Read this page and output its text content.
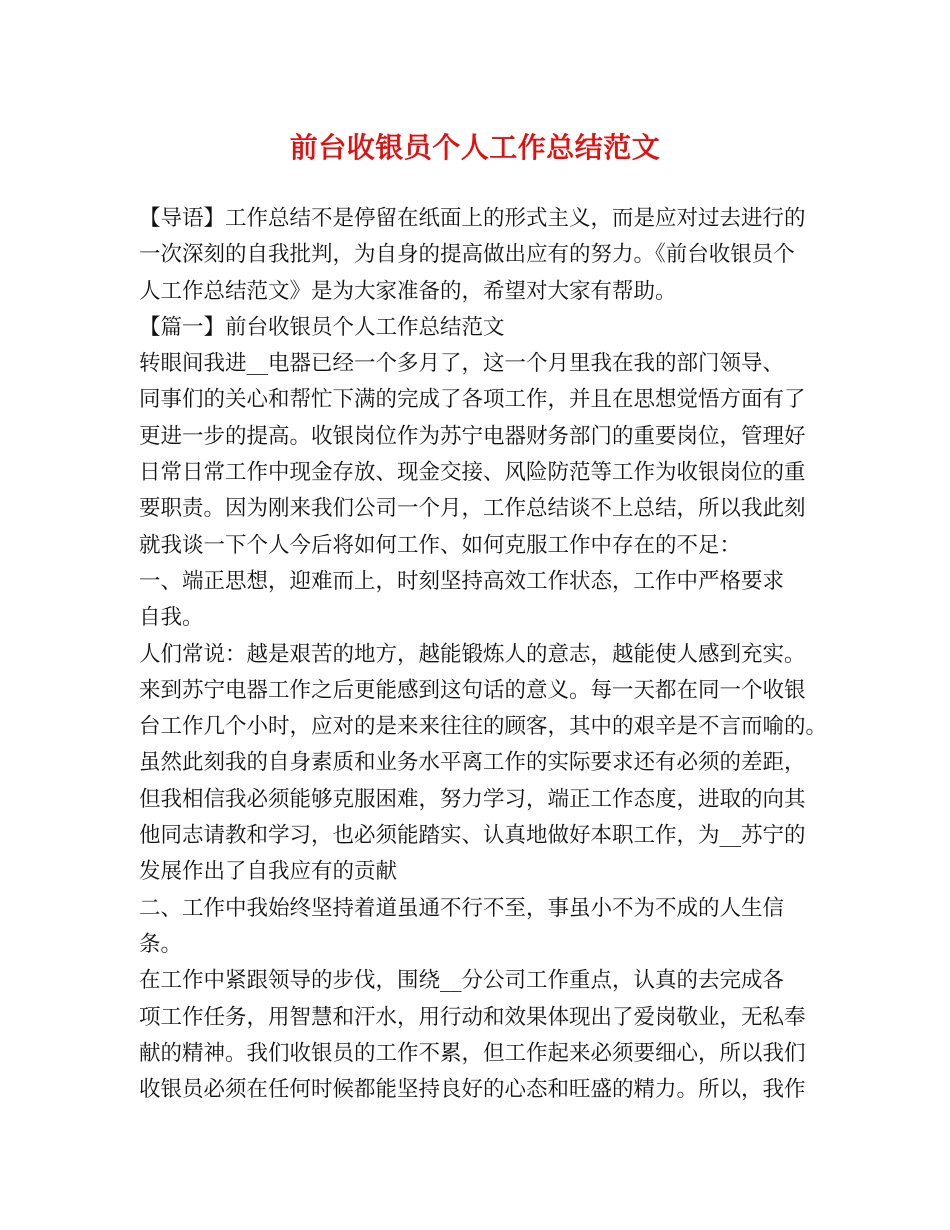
前台收银员个人工作总结范文
【导语】工作总结不是停留在纸面上的形式主义，而是应对过去进行的
一次深刻的自我批判，为自身的提高做出应有的努力。《前台收银员个
人工作总结范文》是为大家准备的，希望对大家有帮助。
【篇一】前台收银员个人工作总结范文
转眼间我进__电器已经一个多月了，这一个月里我在我的部门领导、
同事们的关心和帮忙下满的完成了各项工作，并且在思想觉悟方面有了
更进一步的提高。收银岗位作为苏宁电器财务部门的重要岗位，管理好
日常日常工作中现金存放、现金交接、风险防范等工作为收银岗位的重
要职责。因为刚来我们公司一个月，工作总结谈不上总结，所以我此刻
就我谈一下个人今后将如何工作、如何克服工作中存在的不足：
一、端正思想，迎难而上，时刻坚持高效工作状态，工作中严格要求
自我。
人们常说：越是艰苦的地方，越能锻炼人的意志，越能使人感到充实。
来到苏宁电器工作之后更能感到这句话的意义。每一天都在同一个收银
台工作几个小时，应对的是来来往往的顾客，其中的艰辛是不言而喻的。
虽然此刻我的自身素质和业务水平离工作的实际要求还有必须的差距，
但我相信我必须能够克服困难，努力学习，端正工作态度，进取的向其
他同志请教和学习，也必须能踏实、认真地做好本职工作，为__苏宁的
发展作出了自我应有的贡献
二、工作中我始终坚持着道虽通不行不至，事虽小不为不成的人生信
条。
在工作中紧跟领导的步伐，围绕__分公司工作重点，认真的去完成各
项工作任务，用智慧和汗水，用行动和效果体现出了爱岗敬业，无私奉
献的精神。我们收银员的工作不累，但工作起来必须要细心，所以我们
收银员必须在任何时候都能坚持良好的心态和旺盛的精力。所以，我作
